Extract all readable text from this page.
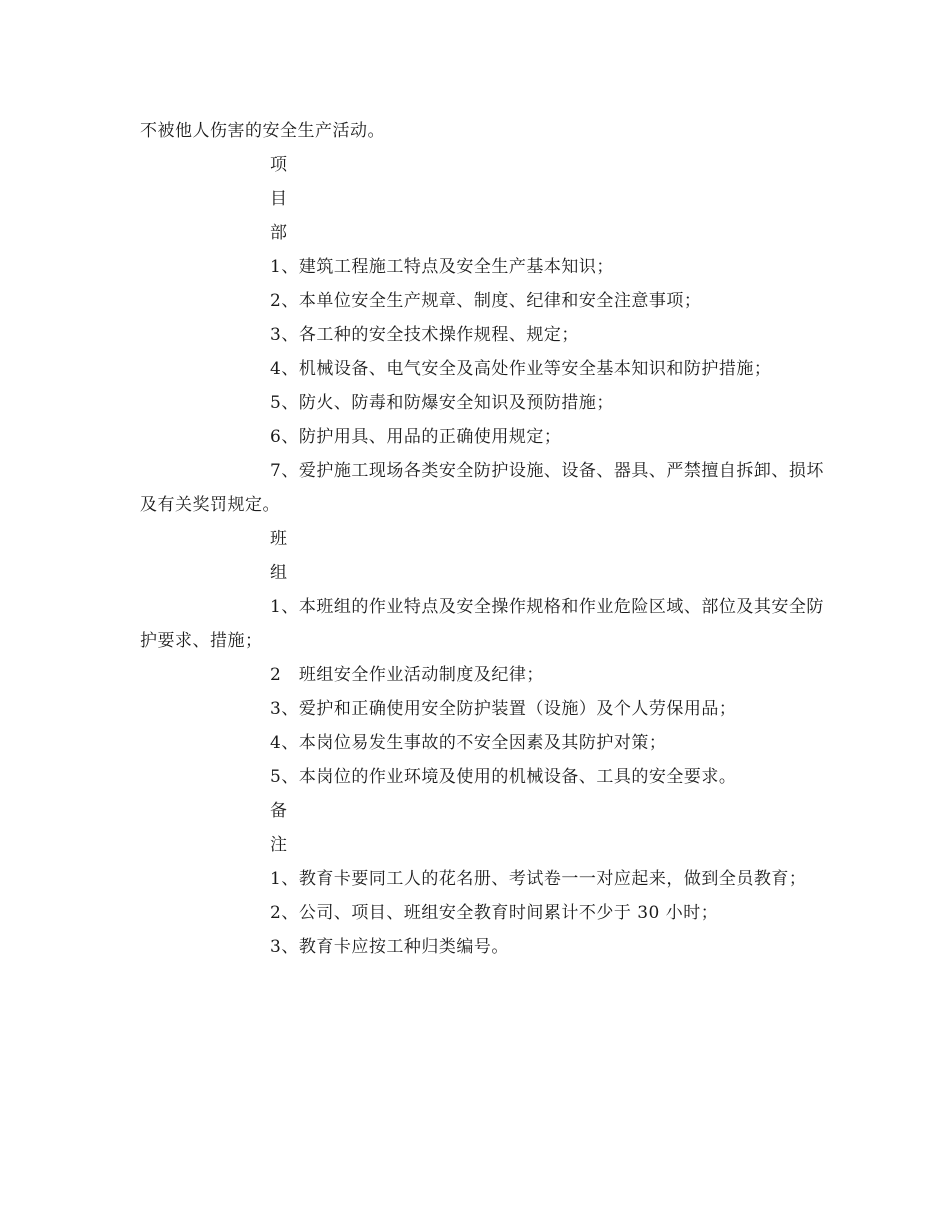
不被他人伤害的安全生产活动。
项
目
部
1、建筑工程施工特点及安全生产基本知识；
2、本单位安全生产规章、制度、纪律和安全注意事项；
3、各工种的安全技术操作规程、规定；
4、机械设备、电气安全及高处作业等安全基本知识和防护措施；
5、防火、防毒和防爆安全知识及预防措施；
6、防护用具、用品的正确使用规定；
7、爱护施工现场各类安全防护设施、设备、器具、严禁擅自拆卸、损坏及有关奖罚规定。
班
组
1、本班组的作业特点及安全操作规格和作业危险区域、部位及其安全防护要求、措施；
2　班组安全作业活动制度及纪律；
3、爱护和正确使用安全防护装置（设施）及个人劳保用品；
4、本岗位易发生事故的不安全因素及其防护对策；
5、本岗位的作业环境及使用的机械设备、工具的安全要求。
备
注
1、教育卡要同工人的花名册、考试卷一一对应起来，做到全员教育；
2、公司、项目、班组安全教育时间累计不少于 30 小时；
3、教育卡应按工种归类编号。
